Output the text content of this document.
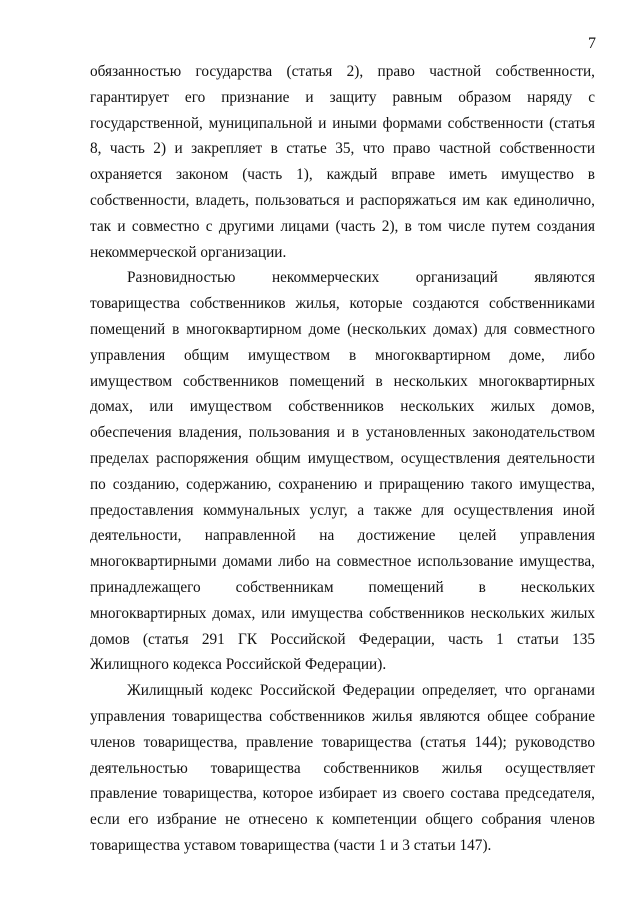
7

обязанностью государства (статья 2), право частной собственности,
гарантирует его признание и защиту равным образом наряду с
государственной, муниципальной и иными формами собственности (статья
8, часть 2) и закрепляет в статье 35, что право частной собственности
охраняется законом (часть 1), каждый вправе иметь имущество в
собственности, владеть, пользоваться и распоряжаться им как единолично,
так и совместно с другими лицами (часть 2), в том числе путем создания
некоммерческой организации.

Разновидностью некоммерческих организаций являются
товарищества собственников жилья, которые создаются собственниками
помещений в многоквартирном доме (нескольких домах) для совместного
управления общим имуществом в многоквартирном доме, либо
имуществом собственников помещений в нескольких многоквартирных
домах, или имуществом собственников нескольких жилых домов,
обеспечения владения, пользования и в установленных законодательством
пределах распоряжения общим имуществом, осуществления деятельности
по созданию, содержанию, сохранению и приращению такого имущества,
предоставления коммунальных услуг, а также для осуществления иной
деятельности, направленной на достижение целей управления
многоквартирными домами либо на совместное использование имущества,
принадлежащего собственникам помещений в нескольких
многоквартирных домах, или имущества собственников нескольких жилых
домов (статья 291 ГК Российской Федерации, часть 1 статьи 135
Жилищного кодекса Российской Федерации).

Жилищный кодекс Российской Федерации определяет, что органами
управления товарищества собственников жилья являются общее собрание
членов товарищества, правление товарищества (статья 144); руководство
деятельностью товарищества собственников жилья осуществляет
правление товарищества, которое избирает из своего состава председателя,
если его избрание не отнесено к компетенции общего собрания членов
товарищества уставом товарищества (части 1 и 3 статьи 147).
